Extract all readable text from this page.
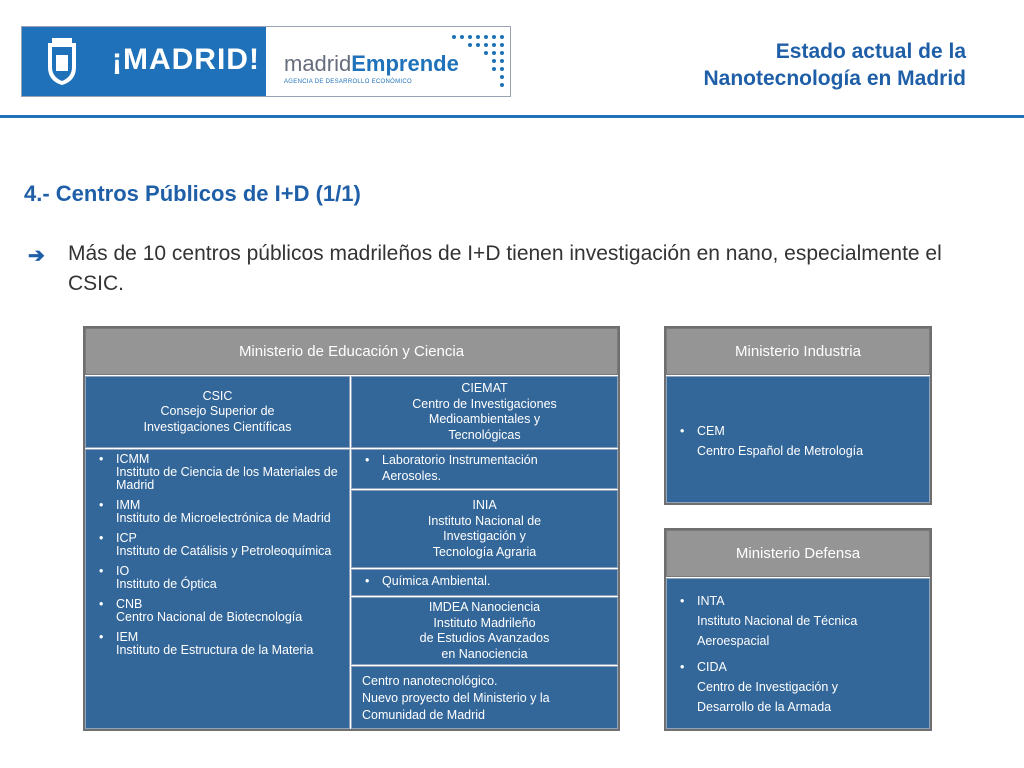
¡MADRID! madridEmprende
AGENCIA DE DESARROLLO ECONÓMICO
Estado actual de la
Nanotecnología en Madrid
4.- Centros Públicos de I+D (1/1)
➔ Más de 10 centros públicos madrileños de I+D tienen investigación en nano, especialmente el CSIC.
Ministerio de Educación y Ciencia
CSIC
Consejo Superior de
Investigaciones Científicas
• ICMM
Instituto de Ciencia de los Materiales de Madrid
• IMM
Instituto de Microelectrónica de Madrid
• ICP
Instituto de Catálisis y Petroleoquímica
• IO
Instituto de Óptica
• CNB
Centro Nacional de Biotecnología
• IEM
Instituto de Estructura de la Materia
CIEMAT
Centro de Investigaciones
Medioambientales y
Tecnológicas
• Laboratorio Instrumentación Aerosoles.
INIA
Instituto Nacional de
Investigación y
Tecnología Agraria
• Química Ambiental.
IMDEA Nanociencia
Instituto Madrileño
de Estudios Avanzados
en Nanociencia
Centro nanotecnológico.
Nuevo proyecto del Ministerio y la
Comunidad de Madrid
Ministerio Industria
• CEM
Centro Español de Metrología
Ministerio Defensa
• INTA
Instituto Nacional de Técnica
Aeroespacial
• CIDA
Centro de Investigación y
Desarrollo de la Armada
